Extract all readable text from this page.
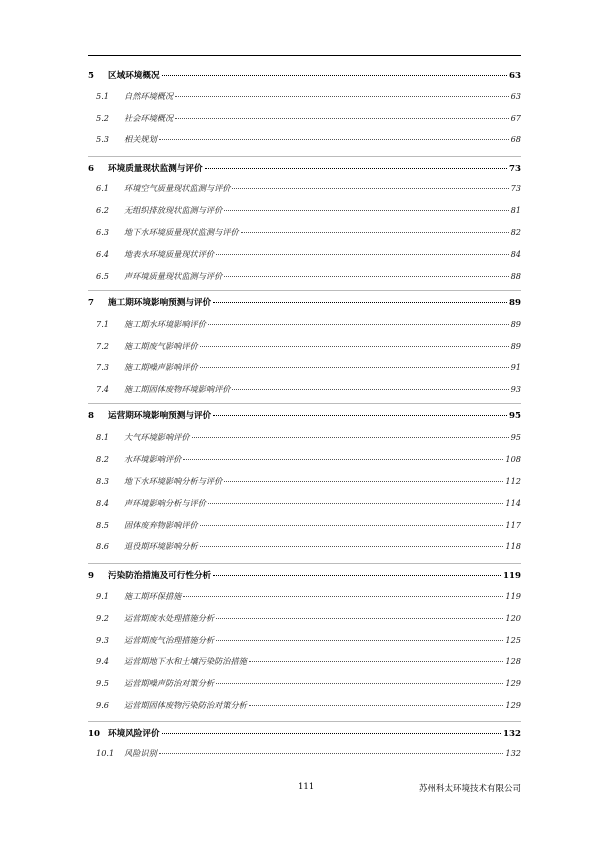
5	区域环境概况	63
5.1	自然环境概况	63
5.2	社会环境概况	67
5.3	相关规划	68
6	环境质量现状监测与评价	73
6.1	环境空气质量现状监测与评价	73
6.2	无组织排放现状监测与评价	81
6.3	地下水环境质量现状监测与评价	82
6.4	地表水环境质量现状评价	84
6.5	声环境质量现状监测与评价	88
7	施工期环境影响预测与评价	89
7.1	施工期水环境影响评价	89
7.2	施工期废气影响评价	89
7.3	施工期噪声影响评价	91
7.4	施工期固体废物环境影响评价	93
8	运营期环境影响预测与评价	95
8.1	大气环境影响评价	95
8.2	水环境影响评价	108
8.3	地下水环境影响分析与评价	112
8.4	声环境影响分析与评价	114
8.5	固体废弃物影响评价	117
8.6	退役期环境影响分析	118
9	污染防治措施及可行性分析	119
9.1	施工期环保措施	119
9.2	运营期废水处理措施分析	120
9.3	运营期废气治理措施分析	125
9.4	运营期地下水和土壤污染防治措施	128
9.5	运营期噪声防治对策分析	129
9.6	运营期固体废物污染防治对策分析	129
10 环境风险评价	132
10.1	风险识别	132
111	苏州科太环境技术有限公司
